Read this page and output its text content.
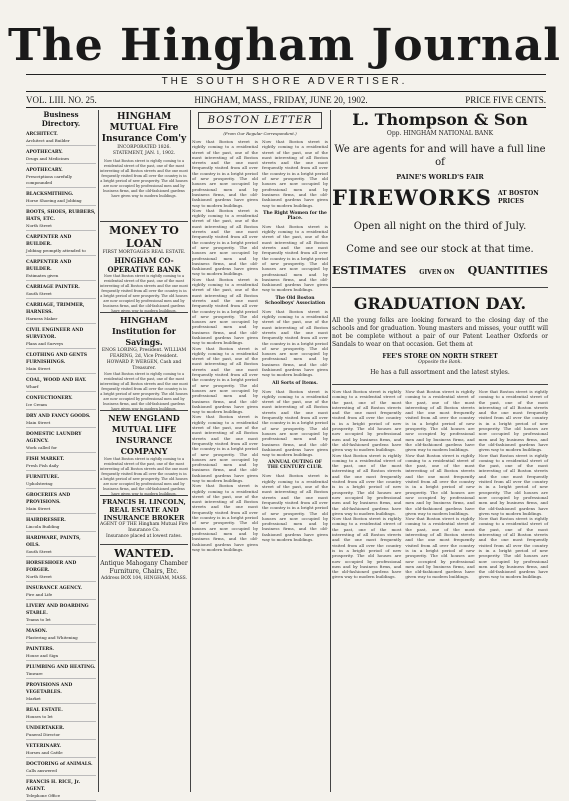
The Hingham Journal
THE SOUTH SHORE ADVERTISER.
VOL. LIII. NO. 25.	HINGHAM, MASS., FRIDAY, JUNE 20, 1902.	PRICE FIVE CENTS.
Business Directory.
ARCHITECT.
Architect and Builder
APOTHECARY.
Drugs and Medicines
APOTHECARY.
Prescriptions carefully compounded
BLACKSMITHING.
Horse Shoeing and Jobbing
BOOTS, SHOES, RUBBERS, HATS, ETC.
North Street
CARPENTER AND BUILDER.
Jobbing promptly attended to
CARPENTER AND BUILDER.
Estimates given
CARRIAGE PAINTER.
South Street
CARRIAGE, TRIMMER, HARNESS.
Harness Maker
CIVIL ENGINEER AND SURVEYOR.
Plans and Surveys
CLOTHING AND GENTS FURNISHINGS.
Main Street
COAL, WOOD AND HAY.
Wharf
CONFECTIONERY.
Ice Cream
DRY AND FANCY GOODS.
Main Street
DOMESTIC LAUNDRY AGENCY.
Work called for
FISH MARKET.
Fresh Fish daily
FURNITURE.
Upholstering
GROCERIES AND PROVISIONS.
Main Street
HAIRDRESSER.
Lincoln Building
HARDWARE, PAINTS, OILS.
South Street
HORSESHOER AND FORGER.
North Street
INSURANCE AGENCY.
Fire and Life
LIVERY AND BOARDING STABLE.
Teams to let
MASON.
Plastering and Whitening
PAINTERS.
House and Sign
PLUMBING AND HEATING.
Tinware
PROVISIONS AND VEGETABLES.
Market
REAL ESTATE.
Houses to let
UNDERTAKER.
Funeral Director
VETERINARY.
Horses and Cattle
DOCTORING of ANIMALS.
Calls answered
FRANCIS H. RICE, Jr. AGENT.
Telephone Office
HINGHAM MUTUAL Fire Insurance Com'y
INCORPORATED 1826.
STATEMENT, JAN. 1, 1902.
Now that Boston street is rightly coming to a residential street of the past, one of the most interesting of all Boston streets and the one most frequently visited from all over the country is in a bright period of new prosperity. The old houses are now occupied by professional men and by business firms, and the old-fashioned gardens have given way to modern buildings.
MONEY TO LOAN
FIRST MORTGAGES REAL ESTATE.
HINGHAM CO-OPERATIVE BANK
Now that Boston street is rightly coming to a residential street of the past, one of the most interesting of all Boston streets and the one most frequently visited from all over the country is in a bright period of new prosperity. The old houses are now occupied by professional men and by business firms, and the old-fashioned gardens have given way to modern buildings.
HINGHAM Institution for Savings.
ENOS LORING, President. WILLIAM FEARING, 2d, Vice President. HOWARD P. WERGEN, Cash and Treasurer.
Now that Boston street is rightly coming to a residential street of the past, one of the most interesting of all Boston streets and the one most frequently visited from all over the country is in a bright period of new prosperity. The old houses are now occupied by professional men and by business firms, and the old-fashioned gardens have given way to modern buildings.
NEW ENGLAND MUTUAL LIFE INSURANCE COMPANY
Now that Boston street is rightly coming to a residential street of the past, one of the most interesting of all Boston streets and the one most frequently visited from all over the country is in a bright period of new prosperity. The old houses are now occupied by professional men and by business firms, and the old-fashioned gardens have given way to modern buildings.
FRANCIS H. LINCOLN, REAL ESTATE AND INSURANCE BROKER
AGENT OF THE Hingham Mutual Fire Insurance Co.
Insurance placed at lowest rates.
WANTED.
Antique Mahogany Chamber Furniture, Chairs, Etc.
Address BOX 104, HINGHAM, MASS.
BOSTON LETTER
(From Our Regular Correspondent.)
Now that Boston street is rightly coming to a residential street of the past, one of the most interesting of all Boston streets and the one most frequently visited from all over the country is in a bright period of new prosperity. The old houses are now occupied by professional men and by business firms, and the old-fashioned gardens have given way to modern buildings.
Now that Boston street is rightly coming to a residential street of the past, one of the most interesting of all Boston streets and the one most frequently visited from all over the country is in a bright period of new prosperity. The old houses are now occupied by professional men and by business firms, and the old-fashioned gardens have given way to modern buildings.
Now that Boston street is rightly coming to a residential street of the past, one of the most interesting of all Boston streets and the one most frequently visited from all over the country is in a bright period of new prosperity. The old houses are now occupied by professional men and by business firms, and the old-fashioned gardens have given way to modern buildings.
Now that Boston street is rightly coming to a residential street of the past, one of the most interesting of all Boston streets and the one most frequently visited from all over the country is in a bright period of new prosperity. The old houses are now occupied by professional men and by business firms, and the old-fashioned gardens have given way to modern buildings.
Now that Boston street is rightly coming to a residential street of the past, one of the most interesting of all Boston streets and the one most frequently visited from all over the country is in a bright period of new prosperity. The old houses are now occupied by professional men and by business firms, and the old-fashioned gardens have given way to modern buildings.
Now that Boston street is rightly coming to a residential street of the past, one of the most interesting of all Boston streets and the one most frequently visited from all over the country is in a bright period of new prosperity. The old houses are now occupied by professional men and by business firms, and the old-fashioned gardens have given way to modern buildings.
Now that Boston street is rightly coming to a residential street of the past, one of the most interesting of all Boston streets and the one most frequently visited from all over the country is in a bright period of new prosperity. The old houses are now occupied by professional men and by business firms, and the old-fashioned gardens have given way to modern buildings.
The Right Women for the Place.
Now that Boston street is rightly coming to a residential street of the past, one of the most interesting of all Boston streets and the one most frequently visited from all over the country is in a bright period of new prosperity. The old houses are now occupied by professional men and by business firms, and the old-fashioned gardens have given way to modern buildings.
The Old Boston Schoolboys' Association
Now that Boston street is rightly coming to a residential street of the past, one of the most interesting of all Boston streets and the one most frequently visited from all over the country is in a bright period of new prosperity. The old houses are now occupied by professional men and by business firms, and the old-fashioned gardens have given way to modern buildings.
All Sorts of Items.
Now that Boston street is rightly coming to a residential street of the past, one of the most interesting of all Boston streets and the one most frequently visited from all over the country is in a bright period of new prosperity. The old houses are now occupied by professional men and by business firms, and the old-fashioned gardens have given way to modern buildings.
ANNUAL OUTING OF THE CENTURY CLUB.
Now that Boston street is rightly coming to a residential street of the past, one of the most interesting of all Boston streets and the one most frequently visited from all over the country is in a bright period of new prosperity. The old houses are now occupied by professional men and by business firms, and the old-fashioned gardens have given way to modern buildings.
L. Thompson & Son
Opp. HINGHAM NATIONAL BANK
We are agents for and will have a full line of
PAINE'S WORLD'S FAIR
FIREWORKS AT BOSTON PRICES
Open all night on the third of July.
Come and see our stock at that time.
ESTIMATES GIVEN ON QUANTITIES
GRADUATION DAY.
All the young folks are looking forward to the closing day of the schools and for graduation. Young masters and misses, your outfit will not be complete without a pair of our Patent Leather Oxfords or Sandals to wear on that occasion. Get them at
FEE'S STORE ON NORTH STREET
Opposite the Bank.
He has a full assortment and the latest styles.
Now that Boston street is rightly coming to a residential street of the past, one of the most interesting of all Boston streets and the one most frequently visited from all over the country is in a bright period of new prosperity. The old houses are now occupied by professional men and by business firms, and the old-fashioned gardens have given way to modern buildings.
Now that Boston street is rightly coming to a residential street of the past, one of the most interesting of all Boston streets and the one most frequently visited from all over the country is in a bright period of new prosperity. The old houses are now occupied by professional men and by business firms, and the old-fashioned gardens have given way to modern buildings.
Now that Boston street is rightly coming to a residential street of the past, one of the most interesting of all Boston streets and the one most frequently visited from all over the country is in a bright period of new prosperity. The old houses are now occupied by professional men and by business firms, and the old-fashioned gardens have given way to modern buildings.
Now that Boston street is rightly coming to a residential street of the past, one of the most interesting of all Boston streets and the one most frequently visited from all over the country is in a bright period of new prosperity. The old houses are now occupied by professional men and by business firms, and the old-fashioned gardens have given way to modern buildings.
Now that Boston street is rightly coming to a residential street of the past, one of the most interesting of all Boston streets and the one most frequently visited from all over the country is in a bright period of new prosperity. The old houses are now occupied by professional men and by business firms, and the old-fashioned gardens have given way to modern buildings.
Now that Boston street is rightly coming to a residential street of the past, one of the most interesting of all Boston streets and the one most frequently visited from all over the country is in a bright period of new prosperity. The old houses are now occupied by professional men and by business firms, and the old-fashioned gardens have given way to modern buildings.
Now that Boston street is rightly coming to a residential street of the past, one of the most interesting of all Boston streets and the one most frequently visited from all over the country is in a bright period of new prosperity. The old houses are now occupied by professional men and by business firms, and the old-fashioned gardens have given way to modern buildings.
Now that Boston street is rightly coming to a residential street of the past, one of the most interesting of all Boston streets and the one most frequently visited from all over the country is in a bright period of new prosperity. The old houses are now occupied by professional men and by business firms, and the old-fashioned gardens have given way to modern buildings.
Now that Boston street is rightly coming to a residential street of the past, one of the most interesting of all Boston streets and the one most frequently visited from all over the country is in a bright period of new prosperity. The old houses are now occupied by professional men and by business firms, and the old-fashioned gardens have given way to modern buildings.
